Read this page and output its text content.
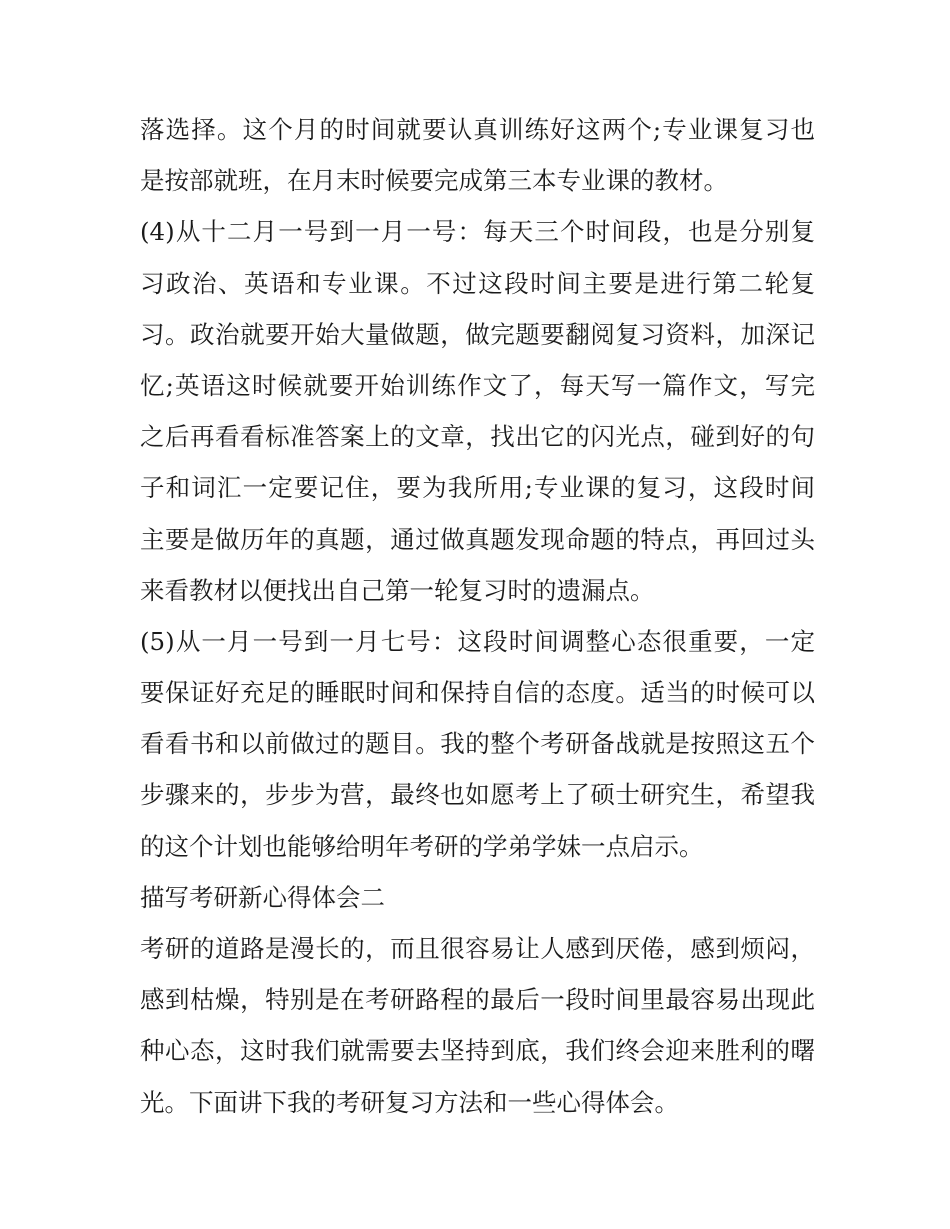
落选择。这个月的时间就要认真训练好这两个;专业课复习也
是按部就班，在月末时候要完成第三本专业课的教材。
(4)从十二月一号到一月一号：每天三个时间段，也是分别复
习政治、英语和专业课。不过这段时间主要是进行第二轮复
习。政治就要开始大量做题，做完题要翻阅复习资料，加深记
忆;英语这时候就要开始训练作文了，每天写一篇作文，写完
之后再看看标准答案上的文章，找出它的闪光点，碰到好的句
子和词汇一定要记住，要为我所用;专业课的复习，这段时间
主要是做历年的真题，通过做真题发现命题的特点，再回过头
来看教材以便找出自己第一轮复习时的遗漏点。
(5)从一月一号到一月七号：这段时间调整心态很重要，一定
要保证好充足的睡眠时间和保持自信的态度。适当的时候可以
看看书和以前做过的题目。我的整个考研备战就是按照这五个
步骤来的，步步为营，最终也如愿考上了硕士研究生，希望我
的这个计划也能够给明年考研的学弟学妹一点启示。
描写考研新心得体会二
考研的道路是漫长的，而且很容易让人感到厌倦，感到烦闷，
感到枯燥，特别是在考研路程的最后一段时间里最容易出现此
种心态，这时我们就需要去坚持到底，我们终会迎来胜利的曙
光。下面讲下我的考研复习方法和一些心得体会。
